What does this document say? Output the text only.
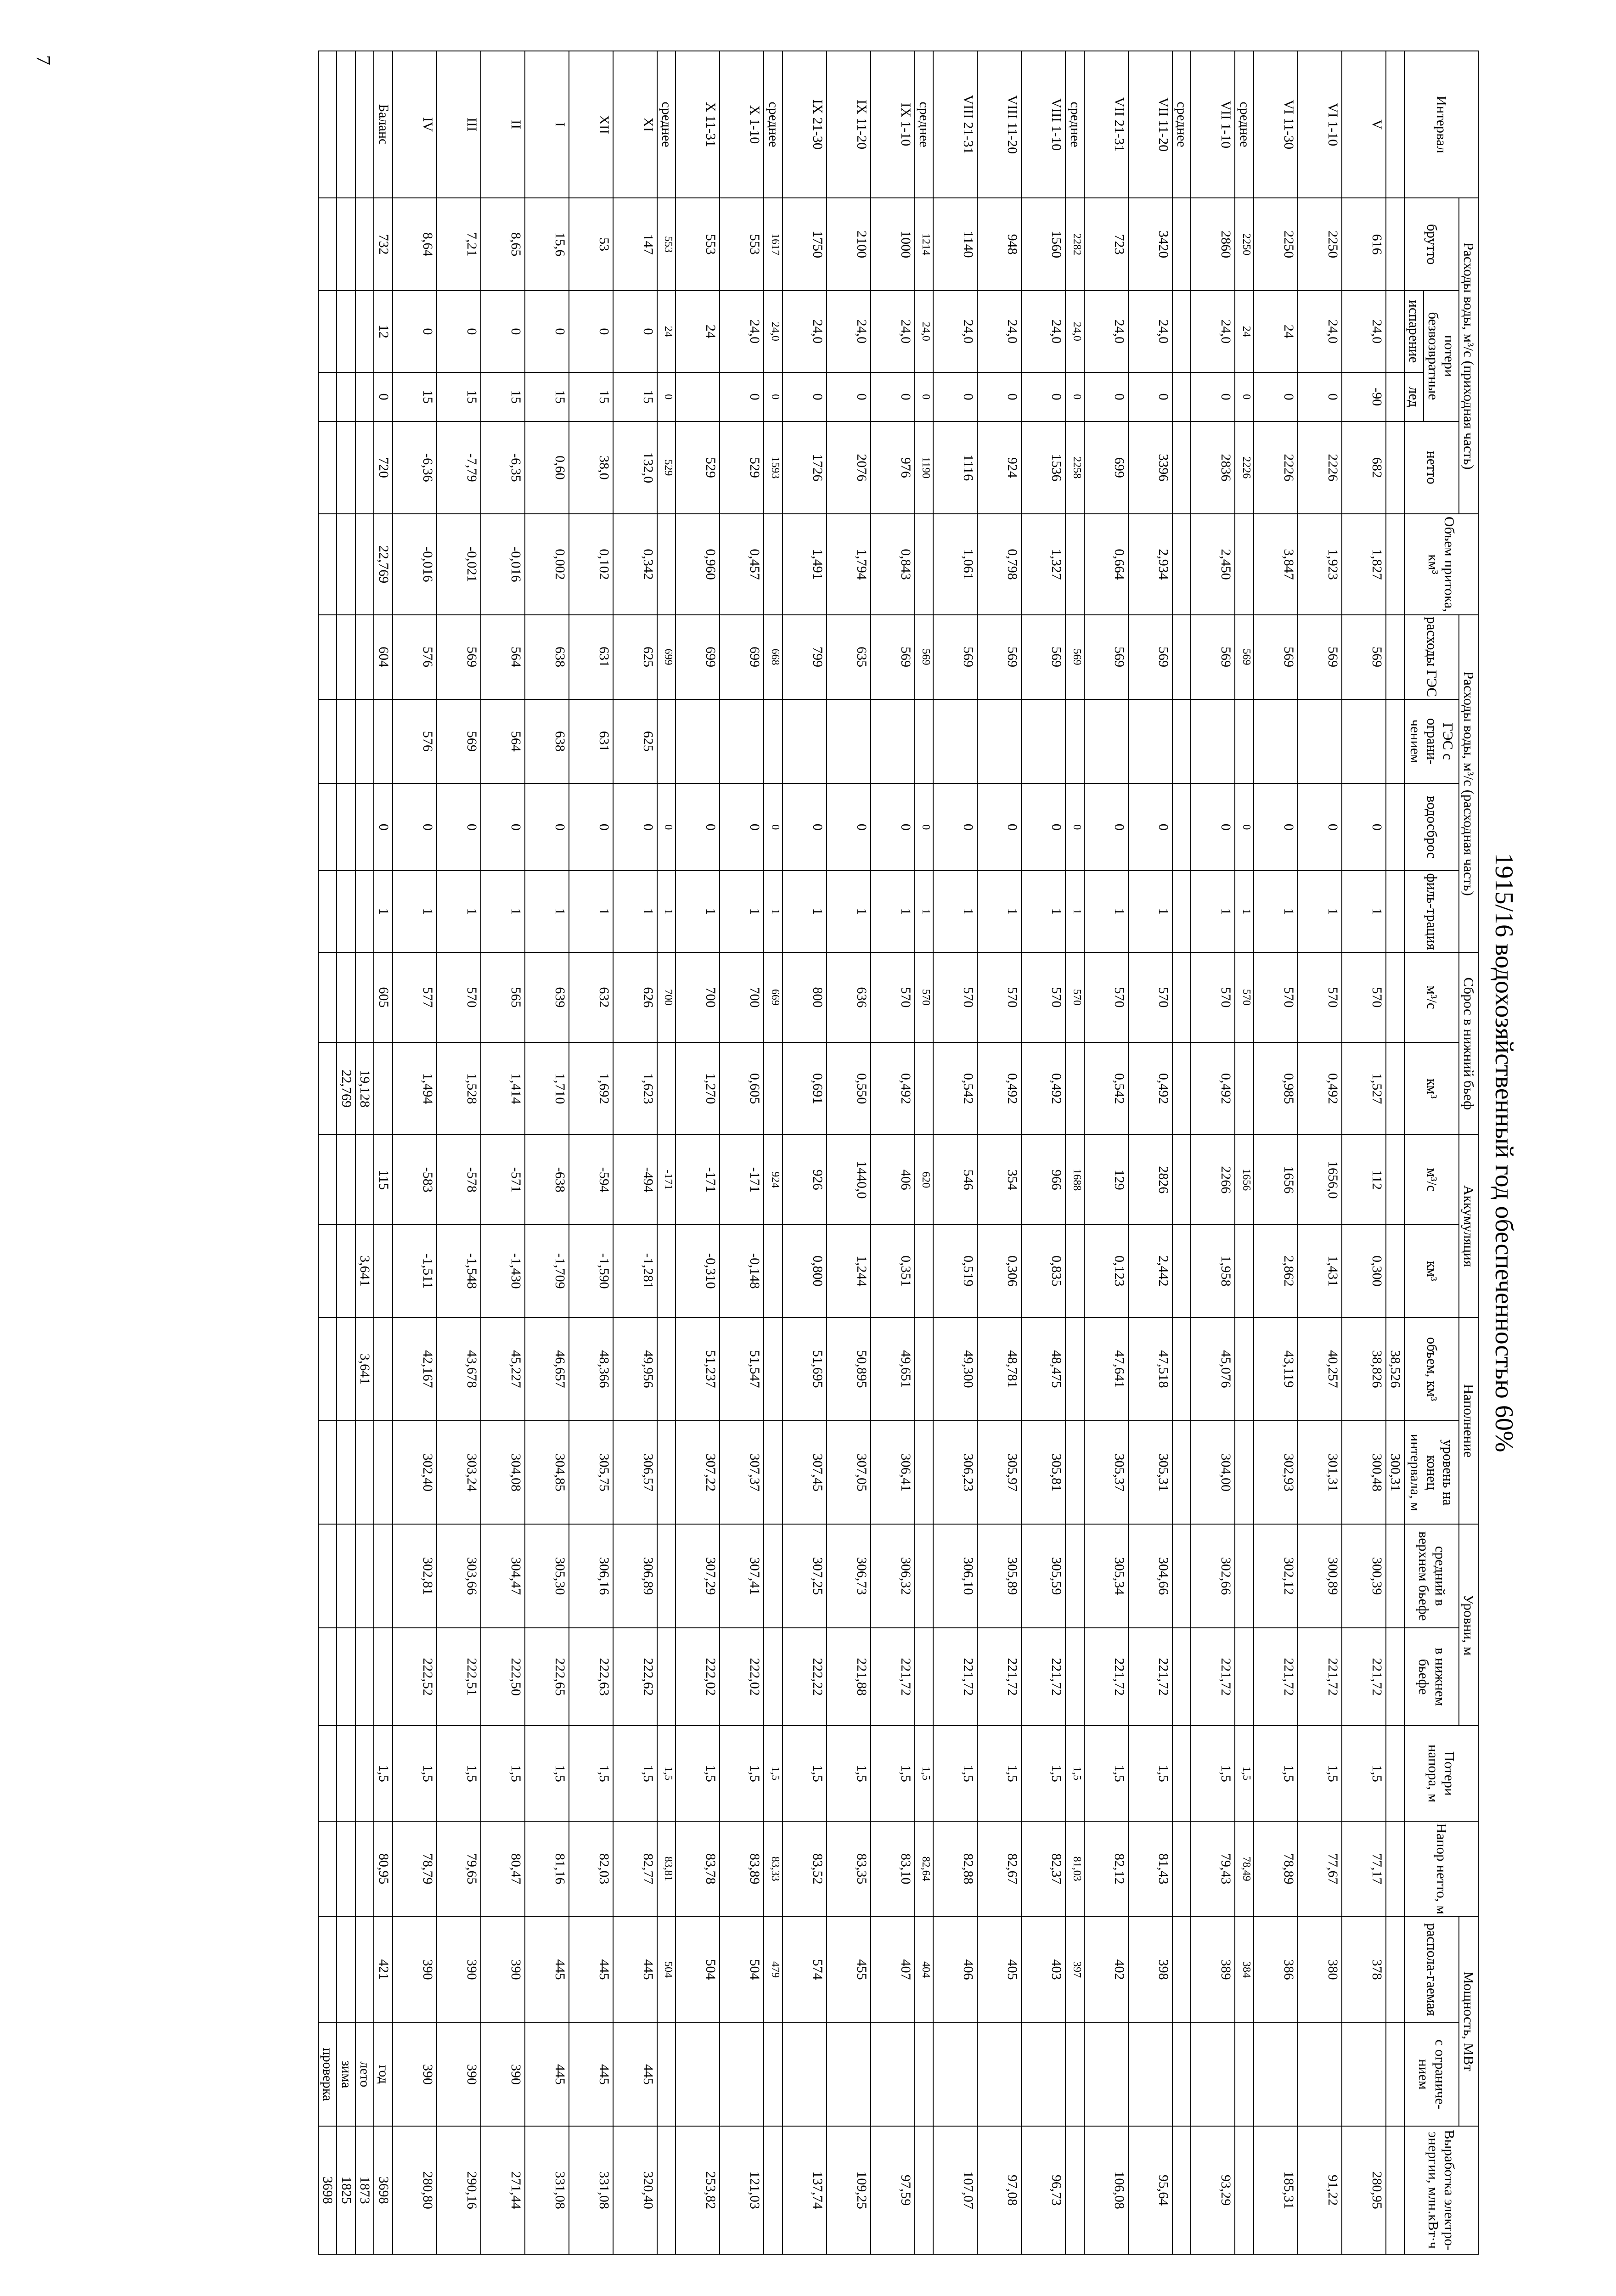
7
1915/16 водохозяйственный год обеспеченностью 60%
Интервал	Расходы воды, м³/с (приходная часть)				Объем притока, км³	Расходы воды, м³/с (расходная часть)				Сброс в нижний бьеф		Аккумуляция		Наполнение		Уровни, м		Потери напора, м	Напор нетто, м	Мощность, МВт		Выработка электро-энергии, млн.кВт·ч
	брутто	потери безвозвратные		нетто		расходы ГЭС	ГЭС с ограни-чением	водосброс	филь-трация	м³/с	км³	м³/с	км³	объем, км³	уровень на конец интервала, м	средний в верхнем бьефе	в нижнем бьефе			распола-гаемая	с ограниче-нием	
		испарение	лед																			
														38,526	300,31							
V	616	24,0	-90	682	1,827	569		0	1	570	1,527	112	0,300	38,826	300,48	300,39	221,72	1,5	77,17	378		280,95
VI 1-10	2250	24,0	0	2226	1,923	569		0	1	570	0,492	1656,0	1,431	40,257	301,31	300,89	221,72	1,5	77,67	380		91,22
VI 11-30	2250	24	0	2226	3,847	569		0	1	570	0,985	1656	2,862	43,119	302,93	302,12	221,72	1,5	78,89	386		185,31
среднее	2250	24	0	2226		569		0	1	570		1656						1,5	78,49	384		
VII 1-10	2860	24,0	0	2836	2,450	569		0	1	570	0,492	2266	1,958	45,076	304,00	302,66	221,72	1,5	79,43	389		93,29
среднее																						
VII 11-20	3420	24,0	0	3396	2,934	569		0	1	570	0,492	2826	2,442	47,518	305,31	304,66	221,72	1,5	81,43	398		95,64
VII 21-31	723	24,0	0	699	0,664	569		0	1	570	0,542	129	0,123	47,641	305,37	305,34	221,72	1,5	82,12	402		106,08
среднее	2282	24,0	0	2258		569		0	1	570		1688						1,5	81,03	397		
VIII 1-10	1560	24,0	0	1536	1,327	569		0	1	570	0,492	966	0,835	48,475	305,81	305,59	221,72	1,5	82,37	403		96,73
VIII 11-20	948	24,0	0	924	0,798	569		0	1	570	0,492	354	0,306	48,781	305,97	305,89	221,72	1,5	82,67	405		97,08
VIII 21-31	1140	24,0	0	1116	1,061	569		0	1	570	0,542	546	0,519	49,300	306,23	306,10	221,72	1,5	82,88	406		107,07
среднее	1214	24,0	0	1190		569		0	1	570		620						1,5	82,64	404		
IX 1-10	1000	24,0	0	976	0,843	569		0	1	570	0,492	406	0,351	49,651	306,41	306,32	221,72	1,5	83,10	407		97,59
IX 11-20	2100	24,0	0	2076	1,794	635		0	1	636	0,550	1440,0	1,244	50,895	307,05	306,73	221,88	1,5	83,35	455		109,25
IX 21-30	1750	24,0	0	1726	1,491	799		0	1	800	0,691	926	0,800	51,695	307,45	307,25	222,22	1,5	83,52	574		137,74
среднее	1617	24,0	0	1593		668		0	1	669		924						1,5	83,33	479		
X 1-10	553	24,0	0	529	0,457	699		0	1	700	0,605	-171	-0,148	51,547	307,37	307,41	222,02	1,5	83,89	504		121,03
X 11-31	553	24		529	0,960	699		0	1	700	1,270	-171	-0,310	51,237	307,22	307,29	222,02	1,5	83,78	504		253,82
среднее	553	24	0	529		699		0	1	700		-171						1,5	83,81	504		
XI	147	0	15	132,0	0,342	625	625	0	1	626	1,623	-494	-1,281	49,956	306,57	306,89	222,62	1,5	82,77	445	445	320,40
XII	53	0	15	38,0	0,102	631	631	0	1	632	1,692	-594	-1,590	48,366	305,75	306,16	222,63	1,5	82,03	445	445	331,08
I	15,6	0	15	0,60	0,002	638	638	0	1	639	1,710	-638	-1,709	46,657	304,85	305,30	222,65	1,5	81,16	445	445	331,08
II	8,65	0	15	-6,35	-0,016	564	564	0	1	565	1,414	-571	-1,430	45,227	304,08	304,47	222,50	1,5	80,47	390	390	271,44
III	7,21	0	15	-7,79	-0,021	569	569	0	1	570	1,528	-578	-1,548	43,678	303,24	303,66	222,51	1,5	79,65	390	390	290,16
IV	8,64	0	15	-6,36	-0,016	576	576	0	1	577	1,494	-583	-1,511	42,167	302,40	302,81	222,52	1,5	78,79	390	390	280,80
Баланс	732	12	0	720	22,769	604		0	1	605		115						1,5	80,95	421	год	3698
											19,128		3,641	3,641							лето	1873
											22,769										зима	1825
																					проверка	3698
